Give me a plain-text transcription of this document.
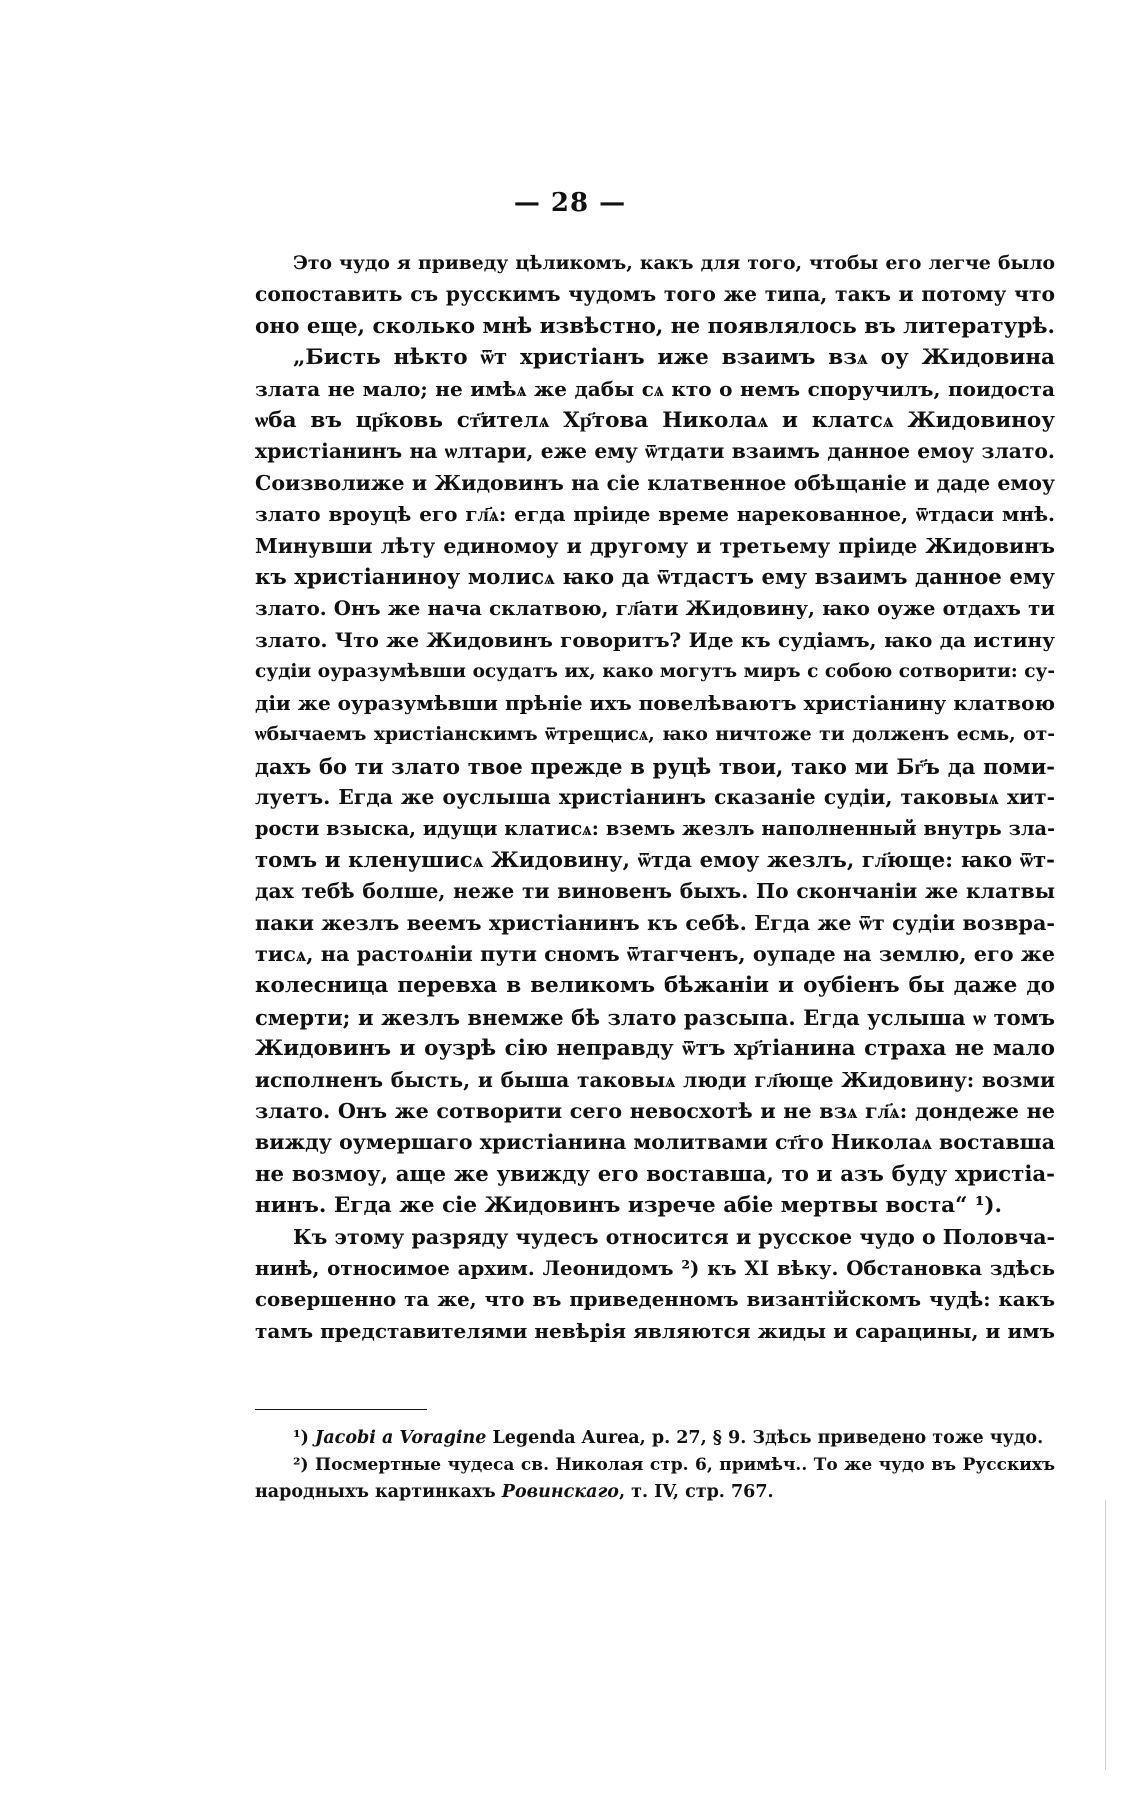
— 28 —

Это чудо я приведу цѣликомъ, какъ для того, чтобы его легче было
сопоставить съ русскимъ чудомъ того же типа, такъ и потому что
оно еще, сколько мнѣ извѣстно, не появлялось въ литературѣ.

„Бисть нѣкто ѿт христіанъ иже взаимъ взѧ оу Жидовина
злата не мало; не имѣѧ же дабы сѧ кто о немъ споручилъ, поидоста
ѡба въ цр҃ковь ст҃ителѧ Хр҃това Николаѧ и клатсѧ Жидовиноу
христіанинъ на ѡлтари, еже ему ѿтдати взаимъ данное емоу злато.
Соизволиже и Жидовинъ на сіе клатвенное обѣщаніе и даде емоу
злато вроуцѣ его гл҃ѧ: егда пріиде време нарекованное, ѿтдаси мнѣ.
Минувши лѣту единомоу и другому и третьему пріиде Жидовинъ
къ христіаниноу молисѧ ꙗко да ѿтдастъ ему взаимъ данное ему
злато. Онъ же нача склатвою, гл҃ати Жидовину, ꙗко оуже отдахъ ти
злато. Что же Жидовинъ говоритъ? Иде къ судіамъ, ꙗко да истину
судіи оуразумѣвши осудатъ их, како могутъ миръ с собою сотворити: су-
діи же оуразумѣвши прѣніе ихъ повелѣваютъ христіанину клатвою
ѡбычаемъ христіанскимъ ѿтрещисѧ, ꙗко ничтоже ти долженъ есмь, от-
дахъ бо ти злато твое прежде в руцѣ твои, тако ми Бг҃ъ да поми-
луетъ. Егда же оуслыша христіанинъ сказаніе судіи, таковыѧ хит-
рости взыска, идущи клатисѧ: вземъ жезлъ наполненный внутрь зла-
томъ и кленушисѧ Жидовину, ѿтда емоу жезлъ, гл҃юще: ꙗко ѿт-
дах тебѣ болше, неже ти виновенъ быхъ. По скончаніи же клатвы
паки жезлъ веемъ христіанинъ къ себѣ. Егда же ѿт судіи возвра-
тисѧ, на растоѧніи пути сномъ ѿтагченъ, оупаде на землю, его же
колесница перевха в великомъ бѣжаніи и оубіенъ бы даже до
смерти; и жезлъ внемже бѣ злато разсыпа. Егда услыша ѡ томъ
Жидовинъ и оузрѣ сію неправду ѿтъ хр҃тіанина страха не мало
исполненъ бысть, и быша таковыѧ люди гл҃юще Жидовину: возми
злато. Онъ же сотворити сего невосхотѣ и не взѧ гл҃ѧ: дондеже не
вижду оумершаго христіанина молитвами ст҃го Николаѧ воставша
не возмоу, аще же увижду его воставша, то и азъ буду христіа-
нинъ. Егда же сіе Жидовинъ изрече абіе мертвы воста“ ¹).

Къ этому разряду чудесъ относится и русское чудо о Половча-
нинѣ, относимое архим. Леонидомъ ²) къ XI вѣку. Обстановка здѣсь
совершенно та же, что въ приведенномъ византійскомъ чудѣ: какъ
тамъ представителями невѣрія являются жиды и сарацины, и имъ

¹) Jacobi a Voragine Legenda Aurea, p. 27, § 9. Здѣсь приведено тоже чудо.
²) Посмертные чудеса св. Николая стр. 6, примѣч.. То же чудо въ Русскихъ
народныхъ картинкахъ Ровинскаго, т. IV, стр. 767.
